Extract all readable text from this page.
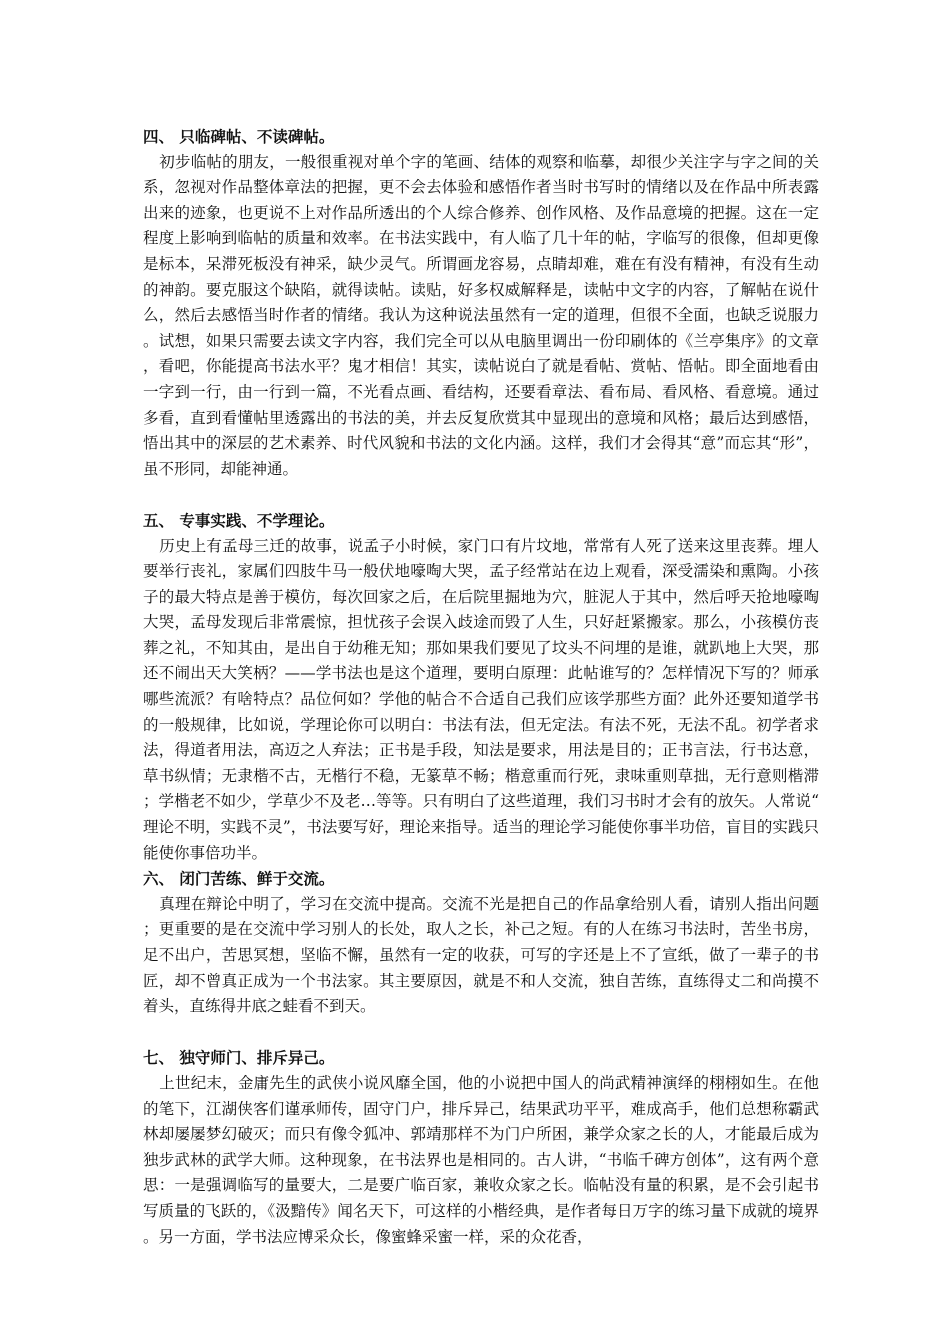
四、 只临碑帖、不读碑帖。

初步临帖的朋友，一般很重视对单个字的笔画、结体的观察和临摹，却很少关注字与字之间的关系，忽视对作品整体章法的把握，更不会去体验和感悟作者当时书写时的情绪以及在作品中所表露出来的迹象，也更说不上对作品所透出的个人综合修养、创作风格、及作品意境的把握。这在一定程度上影响到临帖的质量和效率。在书法实践中，有人临了几十年的帖，字临写的很像，但却更像是标本，呆滞死板没有神采，缺少灵气。所谓画龙容易，点睛却难，难在有没有精神，有没有生动的神韵。要克服这个缺陷，就得读帖。读贴，好多权威解释是，读帖中文字的内容，了解帖在说什么，然后去感悟当时作者的情绪。我认为这种说法虽然有一定的道理，但很不全面，也缺乏说服力。试想，如果只需要去读文字内容，我们完全可以从电脑里调出一份印刷体的《兰亭集序》的文章，看吧，你能提高书法水平？鬼才相信！其实，读帖说白了就是看帖、赏帖、悟帖。即全面地看由一字到一行，由一行到一篇，不光看点画、看结构，还要看章法、看布局、看风格、看意境。通过多看，直到看懂帖里透露出的书法的美，并去反复欣赏其中显现出的意境和风格；最后达到感悟，悟出其中的深层的艺术素养、时代风貌和书法的文化内涵。这样，我们才会得其“意”而忘其“形”，虽不形同，却能神通。

五、 专事实践、不学理论。

历史上有孟母三迁的故事，说孟子小时候，家门口有片坟地，常常有人死了送来这里丧葬。埋人要举行丧礼，家属们四肢牛马一般伏地嚎啕大哭，孟子经常站在边上观看，深受濡染和熏陶。小孩子的最大特点是善于模仿，每次回家之后，在后院里掘地为穴，脏泥人于其中，然后呼天抢地嚎啕大哭，孟母发现后非常震惊，担忧孩子会误入歧途而毁了人生，只好赶紧搬家。那么，小孩模仿丧葬之礼，不知其由，是出自于幼稚无知；那如果我们要见了坟头不问埋的是谁，就趴地上大哭，那还不闹出天大笑柄？——学书法也是这个道理，要明白原理：此帖谁写的？怎样情况下写的？师承哪些流派？有啥特点？品位何如？学他的帖合不合适自己我们应该学那些方面？此外还要知道学书的一般规律，比如说，学理论你可以明白：书法有法，但无定法。有法不死，无法不乱。初学者求法，得道者用法，高迈之人弃法；正书是手段，知法是要求，用法是目的；正书言法，行书达意，草书纵情；无隶楷不古，无楷行不稳，无篆草不畅；楷意重而行死，隶味重则草拙，无行意则楷滞；学楷老不如少，学草少不及老…等等。只有明白了这些道理，我们习书时才会有的放矢。人常说“理论不明，实践不灵”，书法要写好，理论来指导。适当的理论学习能使你事半功倍，盲目的实践只能使你事倍功半。

六、 闭门苦练、鲜于交流。

真理在辩论中明了，学习在交流中提高。交流不光是把自己的作品拿给别人看，请别人指出问题；更重要的是在交流中学习别人的长处，取人之长，补己之短。有的人在练习书法时，苦坐书房，足不出户，苦思冥想，坚临不懈，虽然有一定的收获，可写的字还是上不了宣纸，做了一辈子的书匠，却不曾真正成为一个书法家。其主要原因，就是不和人交流，独自苦练，直练得丈二和尚摸不着头，直练得井底之蛙看不到天。

七、 独守师门、排斥异己。

上世纪末，金庸先生的武侠小说风靡全国，他的小说把中国人的尚武精神演绎的栩栩如生。在他的笔下，江湖侠客们谨承师传，固守门户，排斥异己，结果武功平平，难成高手，他们总想称霸武林却屡屡梦幻破灭；而只有像令狐冲、郭靖那样不为门户所困，兼学众家之长的人，才能最后成为独步武林的武学大师。这种现象，在书法界也是相同的。古人讲，“书临千碑方创体”，这有两个意思：一是强调临写的量要大，二是要广临百家，兼收众家之长。临帖没有量的积累，是不会引起书写质量的飞跃的，《汲黯传》闻名天下，可这样的小楷经典，是作者每日万字的练习量下成就的境界。另一方面，学书法应博采众长，像蜜蜂采蜜一样，采的众花香，
